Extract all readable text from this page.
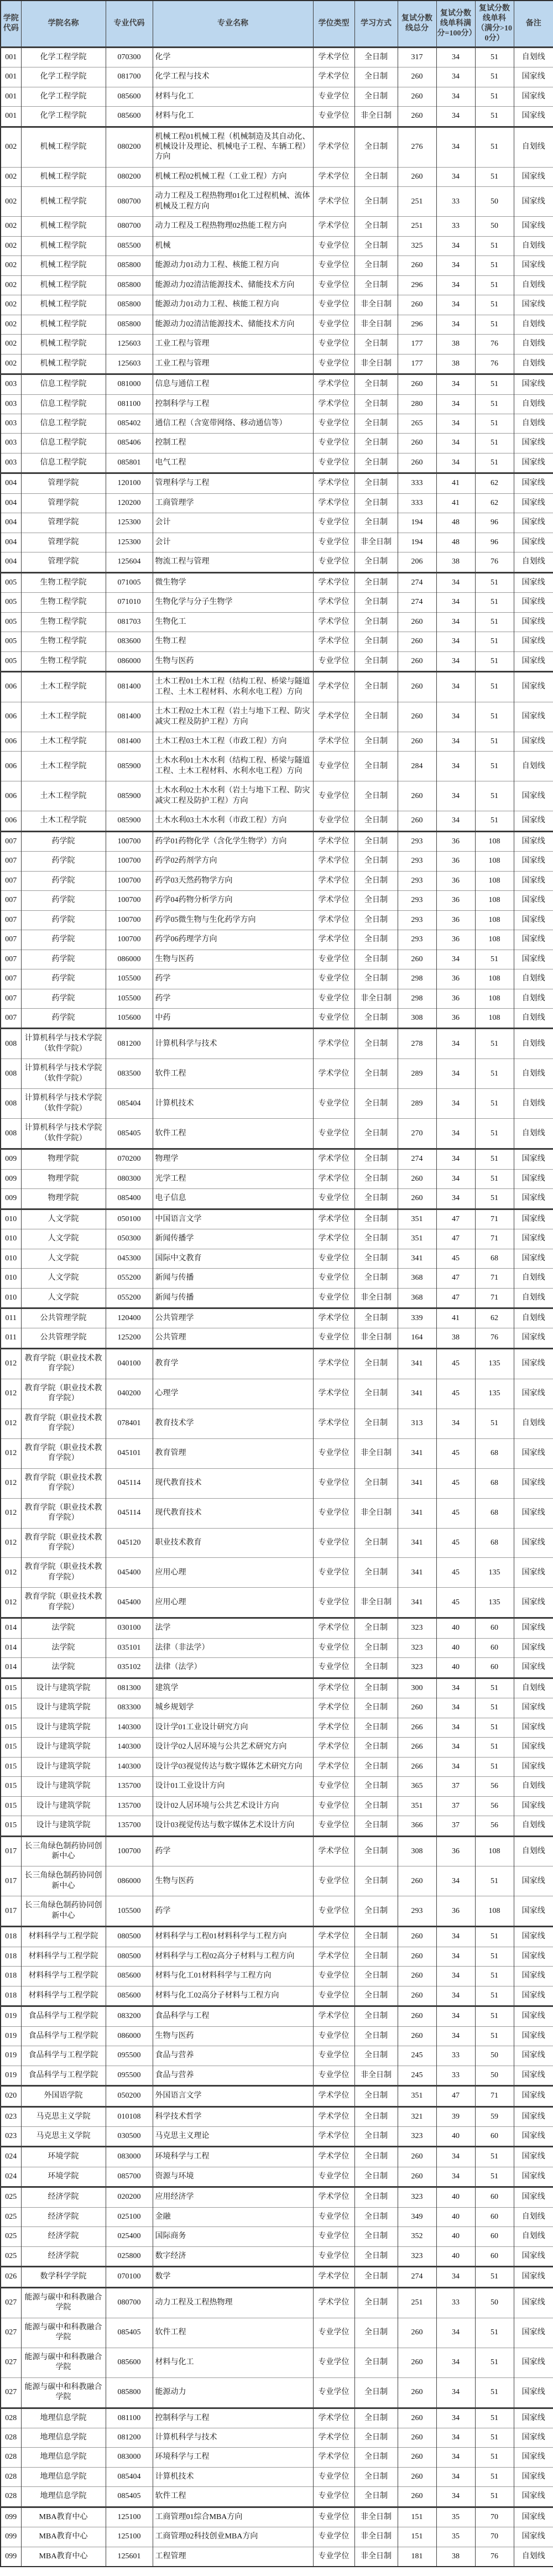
学院代码	学院名称	专业代码	专业名称	学位类型	学习方式	复试分数线总分	复试分数线单科满分=100分）	复试分数线单科（满分>100分）	备注
001	化学工程学院	070300	化学	学术学位	全日制	317	34	51	自划线
001	化学工程学院	081700	化学工程与技术	学术学位	全日制	260	34	51	国家线
001	化学工程学院	085600	材料与化工	专业学位	全日制	260	34	51	国家线
001	化学工程学院	085600	材料与化工	专业学位	非全日制	260	34	51	国家线
002	机械工程学院	080200	机械工程01机械工程（机械制造及其自动化、机械设计及理论、机械电子工程、车辆工程）方向	学术学位	全日制	276	34	51	自划线
002	机械工程学院	080200	机械工程02机械工程（工业工程）方向	学术学位	全日制	260	34	51	国家线
002	机械工程学院	080700	动力工程及工程热物理01化工过程机械、流体机械及工程方向	学术学位	全日制	251	33	50	国家线
002	机械工程学院	080700	动力工程及工程热物理02热能工程方向	学术学位	全日制	251	33	50	国家线
002	机械工程学院	085500	机械	专业学位	全日制	325	34	51	自划线
002	机械工程学院	085800	能源动力01动力工程、核能工程方向	专业学位	全日制	260	34	51	国家线
002	机械工程学院	085800	能源动力02清洁能源技术、储能技术方向	专业学位	全日制	296	34	51	自划线
002	机械工程学院	085800	能源动力01动力工程、核能工程方向	专业学位	非全日制	260	34	51	国家线
002	机械工程学院	085800	能源动力02清洁能源技术、储能技术方向	专业学位	非全日制	296	34	51	自划线
002	机械工程学院	125603	工业工程与管理	专业学位	全日制	177	38	76	自划线
002	机械工程学院	125603	工业工程与管理	专业学位	非全日制	177	38	76	自划线
003	信息工程学院	081000	信息与通信工程	学术学位	全日制	260	34	51	国家线
003	信息工程学院	081100	控制科学与工程	学术学位	全日制	280	34	51	自划线
003	信息工程学院	085402	通信工程（含宽带网络、移动通信等）	专业学位	全日制	265	34	51	自划线
003	信息工程学院	085406	控制工程	专业学位	全日制	260	34	51	国家线
003	信息工程学院	085801	电气工程	专业学位	全日制	260	34	51	国家线
004	管理学院	120100	管理科学与工程	学术学位	全日制	333	41	62	国家线
004	管理学院	120200	工商管理学	学术学位	全日制	333	41	62	国家线
004	管理学院	125300	会计	专业学位	全日制	194	48	96	国家线
004	管理学院	125300	会计	专业学位	非全日制	194	48	96	国家线
004	管理学院	125604	物流工程与管理	专业学位	全日制	206	38	76	自划线
005	生物工程学院	071005	微生物学	学术学位	全日制	274	34	51	国家线
005	生物工程学院	071010	生物化学与分子生物学	学术学位	全日制	274	34	51	国家线
005	生物工程学院	081703	生物化工	学术学位	全日制	260	34	51	国家线
005	生物工程学院	083600	生物工程	学术学位	全日制	260	34	51	国家线
005	生物工程学院	086000	生物与医药	专业学位	全日制	260	34	51	国家线
006	土木工程学院	081400	土木工程01土木工程（结构工程、桥梁与隧道工程、土木工程材料、水利水电工程）方向	学术学位	全日制	260	34	51	国家线
006	土木工程学院	081400	土木工程02土木工程（岩土与地下工程、防灾减灾工程及防护工程）方向	学术学位	全日制	260	34	51	国家线
006	土木工程学院	081400	土木工程03土木工程（市政工程）方向	学术学位	全日制	260	34	51	国家线
006	土木工程学院	085900	土木水利01土木水利（结构工程、桥梁与隧道工程、土木工程材料、水利水电工程）方向	专业学位	全日制	284	34	51	自划线
006	土木工程学院	085900	土木水利02土木水利（岩土与地下工程、防灾减灾工程及防护工程）方向	专业学位	全日制	260	34	51	国家线
006	土木工程学院	085900	土木水利03土木水利（市政工程）方向	专业学位	全日制	260	34	51	国家线
007	药学院	100700	药学01药物化学（含化学生物学）方向	学术学位	全日制	293	36	108	国家线
007	药学院	100700	药学02药剂学方向	学术学位	全日制	293	36	108	国家线
007	药学院	100700	药学03天然药物学方向	学术学位	全日制	293	36	108	国家线
007	药学院	100700	药学04药物分析学方向	学术学位	全日制	293	36	108	国家线
007	药学院	100700	药学05微生物与生化药学方向	学术学位	全日制	293	36	108	国家线
007	药学院	100700	药学06药理学方向	学术学位	全日制	293	36	108	国家线
007	药学院	086000	生物与医药	专业学位	全日制	260	34	51	国家线
007	药学院	105500	药学	专业学位	全日制	298	36	108	自划线
007	药学院	105500	药学	专业学位	非全日制	298	36	108	自划线
007	药学院	105600	中药	专业学位	全日制	308	36	108	自划线
008	计算机科学与技术学院（软件学院）	081200	计算机科学与技术	学术学位	全日制	278	34	51	自划线
008	计算机科学与技术学院（软件学院）	083500	软件工程	学术学位	全日制	289	34	51	自划线
008	计算机科学与技术学院（软件学院）	085404	计算机技术	专业学位	全日制	289	34	51	自划线
008	计算机科学与技术学院（软件学院）	085405	软件工程	专业学位	全日制	270	34	51	自划线
009	物理学院	070200	物理学	学术学位	全日制	274	34	51	国家线
009	物理学院	080300	光学工程	学术学位	全日制	260	34	51	国家线
009	物理学院	085400	电子信息	专业学位	全日制	260	34	51	国家线
010	人文学院	050100	中国语言文学	学术学位	全日制	351	47	71	国家线
010	人文学院	050300	新闻传播学	学术学位	全日制	351	47	71	国家线
010	人文学院	045300	国际中文教育	专业学位	全日制	341	45	68	国家线
010	人文学院	055200	新闻与传播	专业学位	全日制	368	47	71	自划线
010	人文学院	055200	新闻与传播	专业学位	非全日制	368	47	71	自划线
011	公共管理学院	120400	公共管理学	学术学位	全日制	339	41	62	自划线
011	公共管理学院	125200	公共管理	专业学位	非全日制	164	38	76	国家线
012	教育学院（职业技术教育学院）	040100	教育学	学术学位	全日制	341	45	135	国家线
012	教育学院（职业技术教育学院）	040200	心理学	学术学位	全日制	341	45	135	国家线
012	教育学院（职业技术教育学院）	078401	教育技术学	学术学位	全日制	313	34	51	自划线
012	教育学院（职业技术教育学院）	045101	教育管理	专业学位	非全日制	341	45	68	国家线
012	教育学院（职业技术教育学院）	045114	现代教育技术	专业学位	全日制	341	45	68	国家线
012	教育学院（职业技术教育学院）	045114	现代教育技术	专业学位	非全日制	341	45	68	国家线
012	教育学院（职业技术教育学院）	045120	职业技术教育	专业学位	全日制	341	45	68	国家线
012	教育学院（职业技术教育学院）	045400	应用心理	专业学位	全日制	341	45	135	国家线
012	教育学院（职业技术教育学院）	045400	应用心理	专业学位	非全日制	341	45	135	国家线
014	法学院	030100	法学	学术学位	全日制	323	40	60	国家线
014	法学院	035101	法律（非法学）	专业学位	全日制	323	40	60	国家线
014	法学院	035102	法律（法学）	专业学位	全日制	323	40	60	国家线
015	设计与建筑学院	081300	建筑学	学术学位	全日制	300	34	51	自划线
015	设计与建筑学院	083300	城乡规划学	学术学位	全日制	260	34	51	国家线
015	设计与建筑学院	140300	设计学01工业设计研究方向	学术学位	全日制	266	34	51	国家线
015	设计与建筑学院	140300	设计学02人居环境与公共艺术研究方向	学术学位	全日制	266	34	51	国家线
015	设计与建筑学院	140300	设计学03视觉传达与数字媒体艺术研究方向	学术学位	全日制	266	34	51	国家线
015	设计与建筑学院	135700	设计01工业设计方向	专业学位	全日制	365	37	56	自划线
015	设计与建筑学院	135700	设计02人居环境与公共艺术设计方向	专业学位	全日制	351	37	56	国家线
015	设计与建筑学院	135700	设计03视觉传达与数字媒体艺术设计方向	专业学位	全日制	366	37	56	自划线
017	长三角绿色制药协同创新中心	100700	药学	学术学位	全日制	308	36	108	自划线
017	长三角绿色制药协同创新中心	086000	生物与医药	专业学位	全日制	260	34	51	国家线
017	长三角绿色制药协同创新中心	105500	药学	专业学位	全日制	293	36	108	国家线
018	材料科学与工程学院	080500	材料科学与工程01材料科学与工程方向	学术学位	全日制	260	34	51	国家线
018	材料科学与工程学院	080500	材料科学与工程02高分子材料与工程方向	学术学位	全日制	260	34	51	国家线
018	材料科学与工程学院	085600	材料与化工01材料科学与工程方向	专业学位	全日制	260	34	51	国家线
018	材料科学与工程学院	085600	材料与化工02高分子材料与工程方向	专业学位	全日制	260	34	51	国家线
019	食品科学与工程学院	083200	食品科学与工程	学术学位	全日制	260	34	51	国家线
019	食品科学与工程学院	086000	生物与医药	专业学位	全日制	260	34	51	国家线
019	食品科学与工程学院	095500	食品与营养	专业学位	全日制	245	33	50	国家线
019	食品科学与工程学院	095500	食品与营养	专业学位	非全日制	245	33	50	国家线
020	外国语学院	050200	外国语言文学	学术学位	全日制	351	47	71	国家线
023	马克思主义学院	010108	科学技术哲学	学术学位	全日制	321	39	59	国家线
023	马克思主义学院	030500	马克思主义理论	学术学位	全日制	323	40	60	国家线
024	环境学院	083000	环境科学与工程	学术学位	全日制	260	34	51	国家线
024	环境学院	085700	资源与环境	专业学位	全日制	260	34	51	国家线
025	经济学院	020200	应用经济学	学术学位	全日制	323	40	60	国家线
025	经济学院	025100	金融	专业学位	全日制	349	40	60	自划线
025	经济学院	025400	国际商务	专业学位	全日制	352	40	60	自划线
025	经济学院	025800	数字经济	专业学位	全日制	323	40	60	国家线
026	数学科学学院	070100	数学	学术学位	全日制	274	34	51	国家线
027	能源与碳中和科教融合学院	080700	动力工程及工程热物理	学术学位	全日制	251	33	50	国家线
027	能源与碳中和科教融合学院	085405	软件工程	专业学位	全日制	260	34	51	国家线
027	能源与碳中和科教融合学院	085600	材料与化工	专业学位	全日制	260	34	51	国家线
027	能源与碳中和科教融合学院	085800	能源动力	专业学位	全日制	260	34	51	国家线
028	地理信息学院	081100	控制科学与工程	学术学位	全日制	260	34	51	国家线
028	地理信息学院	081200	计算机科学与技术	学术学位	全日制	260	34	51	国家线
028	地理信息学院	083000	环境科学与工程	学术学位	全日制	260	34	51	国家线
028	地理信息学院	085404	计算机技术	专业学位	全日制	260	34	51	国家线
028	地理信息学院	085405	软件工程	专业学位	全日制	260	34	51	国家线
099	MBA教育中心	125100	工商管理01综合MBA方向	专业学位	非全日制	151	35	70	国家线
099	MBA教育中心	125100	工商管理02科技创业MBA方向	专业学位	非全日制	151	35	70	国家线
099	MBA教育中心	125601	工程管理	专业学位	非全日制	181	38	76	自划线
